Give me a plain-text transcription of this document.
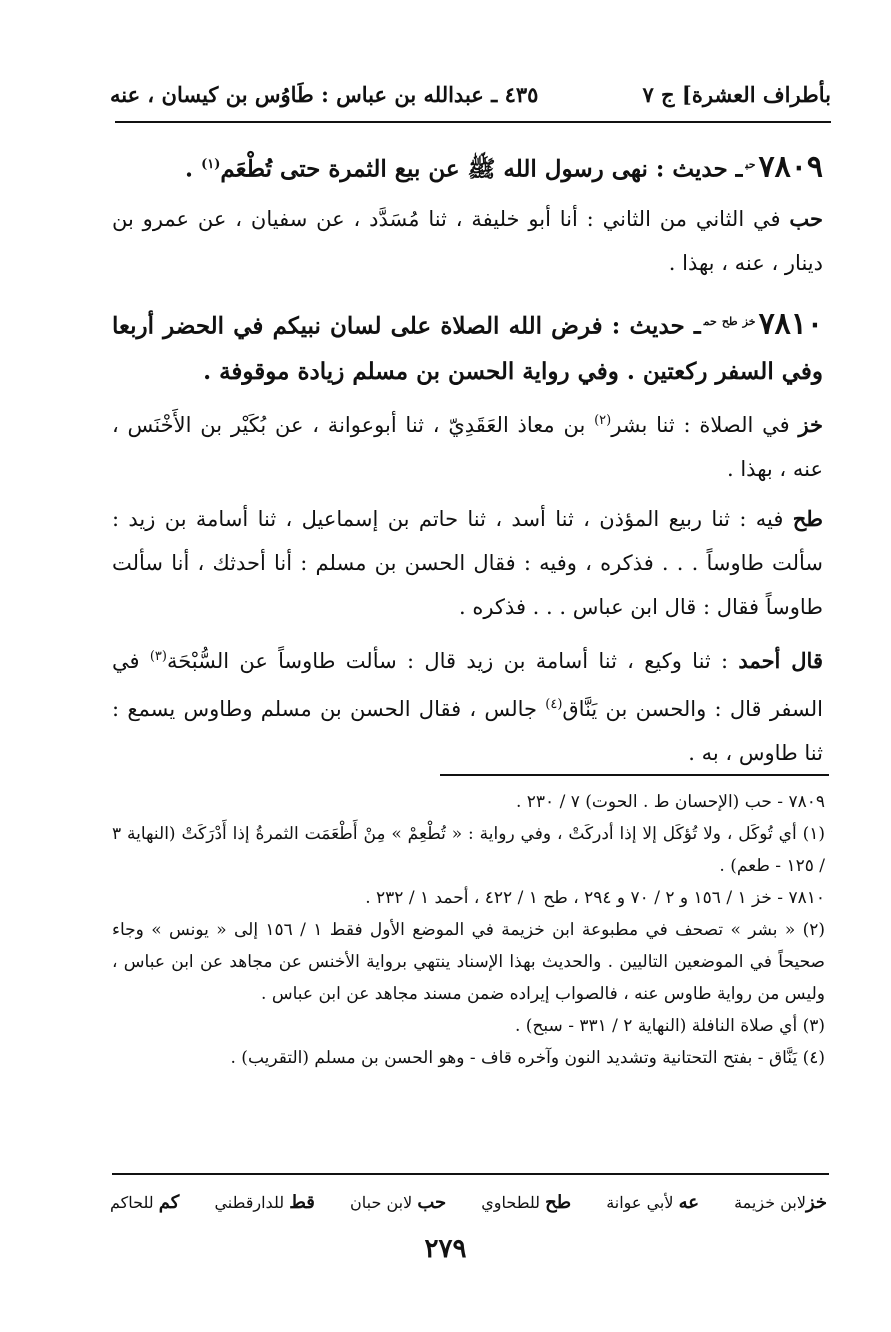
بأطراف العشرة] ج ٧
٤٣٥ ـ عبدالله بن عباس : طَاوُس بن كيسان ، عنه

$٧٨٠٩^{حب}ـ$ حديث : نهى رسول الله ﷺ عن بيع الثمرة حتى تُطْعَم$^{(١)}$ .

حب في الثاني من الثاني : أنا أبو خليفة ، ثنا مُسَدَّد ، عن سفيان ، عن عمرو بن دينار ، عنه ، بهذا .

$٧٨١٠^{خز طح حم}ـ$ حديث : فرض الله الصلاة على لسان نبيكم في الحضر أربعا وفي السفر ركعتين . وفي رواية الحسن بن مسلم زيادة موقوفة .

خز في الصلاة : ثنا بشر$^{(٢)}$ بن معاذ العَقَدِيّ ، ثنا أبوعوانة ، عن بُكَيْر بن الأَخْنَس ، عنه ، بهذا .

طح فيه : ثنا ربيع المؤذن ، ثنا أسد ، ثنا حاتم بن إسماعيل ، ثنا أسامة بن زيد : سألت طاوساً . . . فذكره ، وفيه : فقال الحسن بن مسلم : أنا أحدثك ، أنا سألت طاوساً فقال : قال ابن عباس . . . فذكره .

قال أحمد : ثنا وكيع ، ثنا أسامة بن زيد قال : سألت طاوساً عن السُّبْحَة$^{(٣)}$ في السفر قال : والحسن بن يَنَّاق$^{(٤)}$ جالس ، فقال الحسن بن مسلم وطاوس يسمع : ثنا طاوس ، به .

٧٨٠٩ - حب (الإحسان ط . الحوت) ٧ / ٢٣٠ .

(١) أي تُوكَل ، ولا تُؤكَل إلا إذا أدركَتْ ، وفي رواية : « تُطْعِمْ » مِنْ أَطْعَمَت الثمرةُ إذا أَدْرَكَتْ (النهاية ٣ / ١٢٥ - طعم) .

٧٨١٠ - خز ١ / ١٥٦ و ٢ / ٧٠ و ٢٩٤ ، طح ١ / ٤٢٢ ، أحمد ١ / ٢٣٢ .

(٢) « بشر » تصحف في مطبوعة ابن خزيمة في الموضع الأول فقط ١ / ١٥٦ إلى « يونس » وجاء صحيحاً في الموضعين التاليين . والحديث بهذا الإسناد ينتهي برواية الأخنس عن مجاهد عن ابن عباس ، وليس من رواية طاوس عنه ، فالصواب إيراده ضمن مسند مجاهد عن ابن عباس .

(٣) أي صلاة النافلة (النهاية ٢ / ٣٣١ - سبح) .

(٤) يَنَّاق - بفتح التحتانية وتشديد النون وآخره قاف - وهو الحسن بن مسلم (التقريب) .

خزلابن خزيمة
عه لأبي عوانة
طح للطحاوي
حب لابن حبان
قط للدارقطني
كم للحاكم
٢٧٩
